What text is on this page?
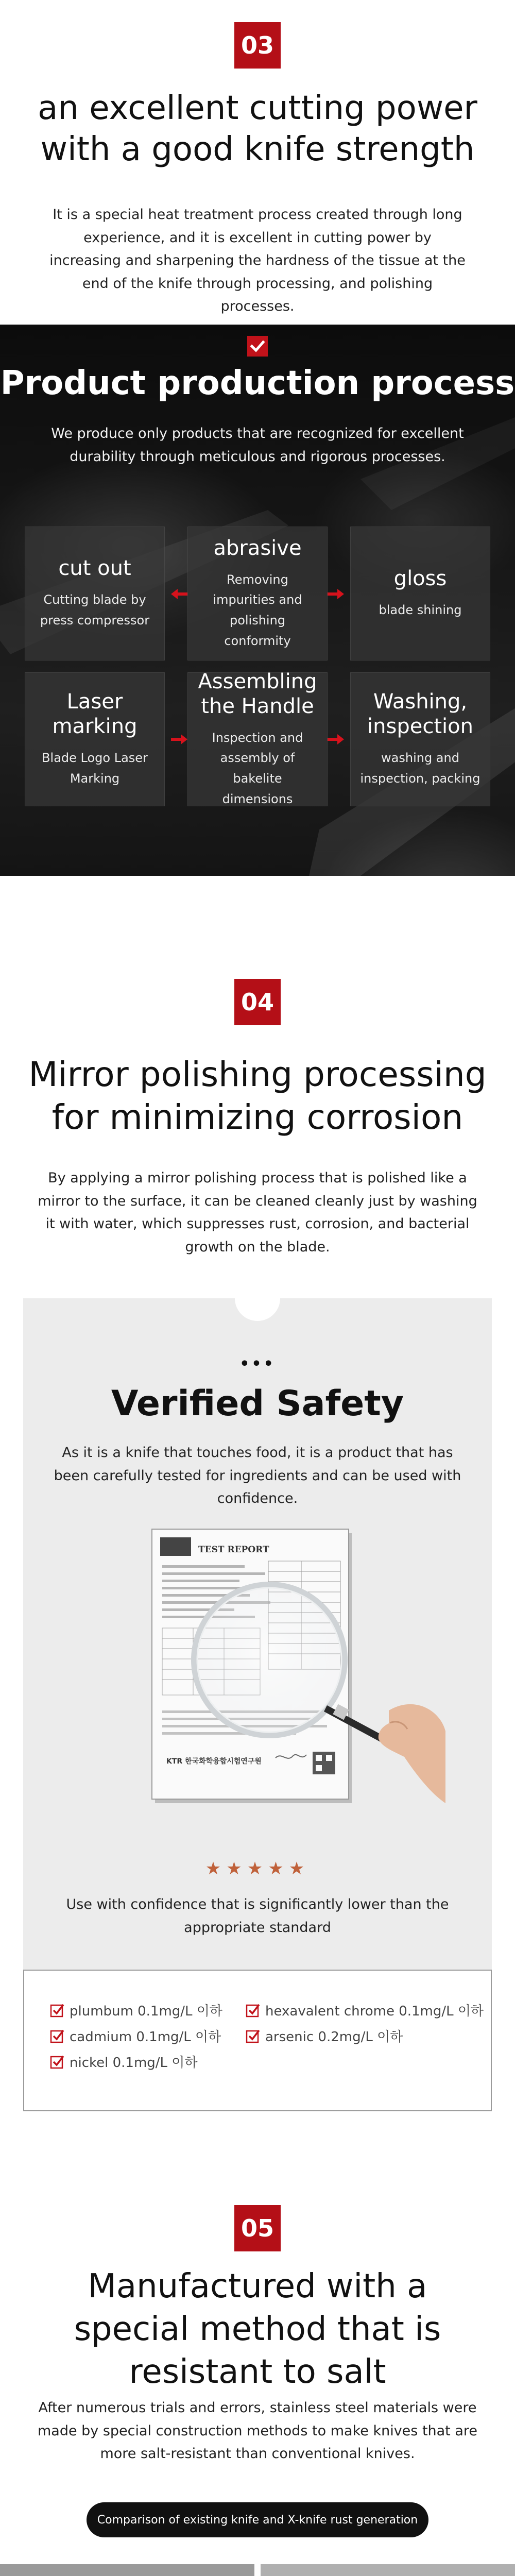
03
an excellent cutting power
with a good knife strength

It is a special heat treatment process created through long experience, and it is excellent in cutting power by increasing and sharpening the hardness of the tissue at the end of the knife through processing, and polishing processes.

Product production process

We produce only products that are recognized for excellent durability through meticulous and rigorous processes.

cut out
Cutting blade by press compressor
abrasive
Removing impurities and polishing conformity
gloss
blade shining
Laser marking
Blade Logo Laser Marking
Assembling the Handle
Inspection and assembly of bakelite dimensions
Washing, inspection
washing and inspection, packing
04
Mirror polishing processing
for minimizing corrosion

By applying a mirror polishing process that is polished like a mirror to the surface, it can be cleaned cleanly just by washing it with water, which suppresses rust, corrosion, and bacterial growth on the blade.

•••
Verified Safety

As it is a knife that touches food, it is a product that has been carefully tested for ingredients and can be used with confidence.

TEST REPORT
KTR 한국화학융합시험연구원
★★★★★

Use with confidence that is significantly lower than the appropriate standard

plumbum 0.1mg/L 이하	hexavalent chrome 0.1mg/L 이하
cadmium 0.1mg/L 이하	arsenic 0.2mg/L 이하
nickel 0.1mg/L 이하
05
Manufactured with a
special method that is
resistant to salt

After numerous trials and errors, stainless steel materials were made by special construction methods to make knives that are more salt-resistant than conventional knives.

Comparison of existing knife and X-knife rust generation
